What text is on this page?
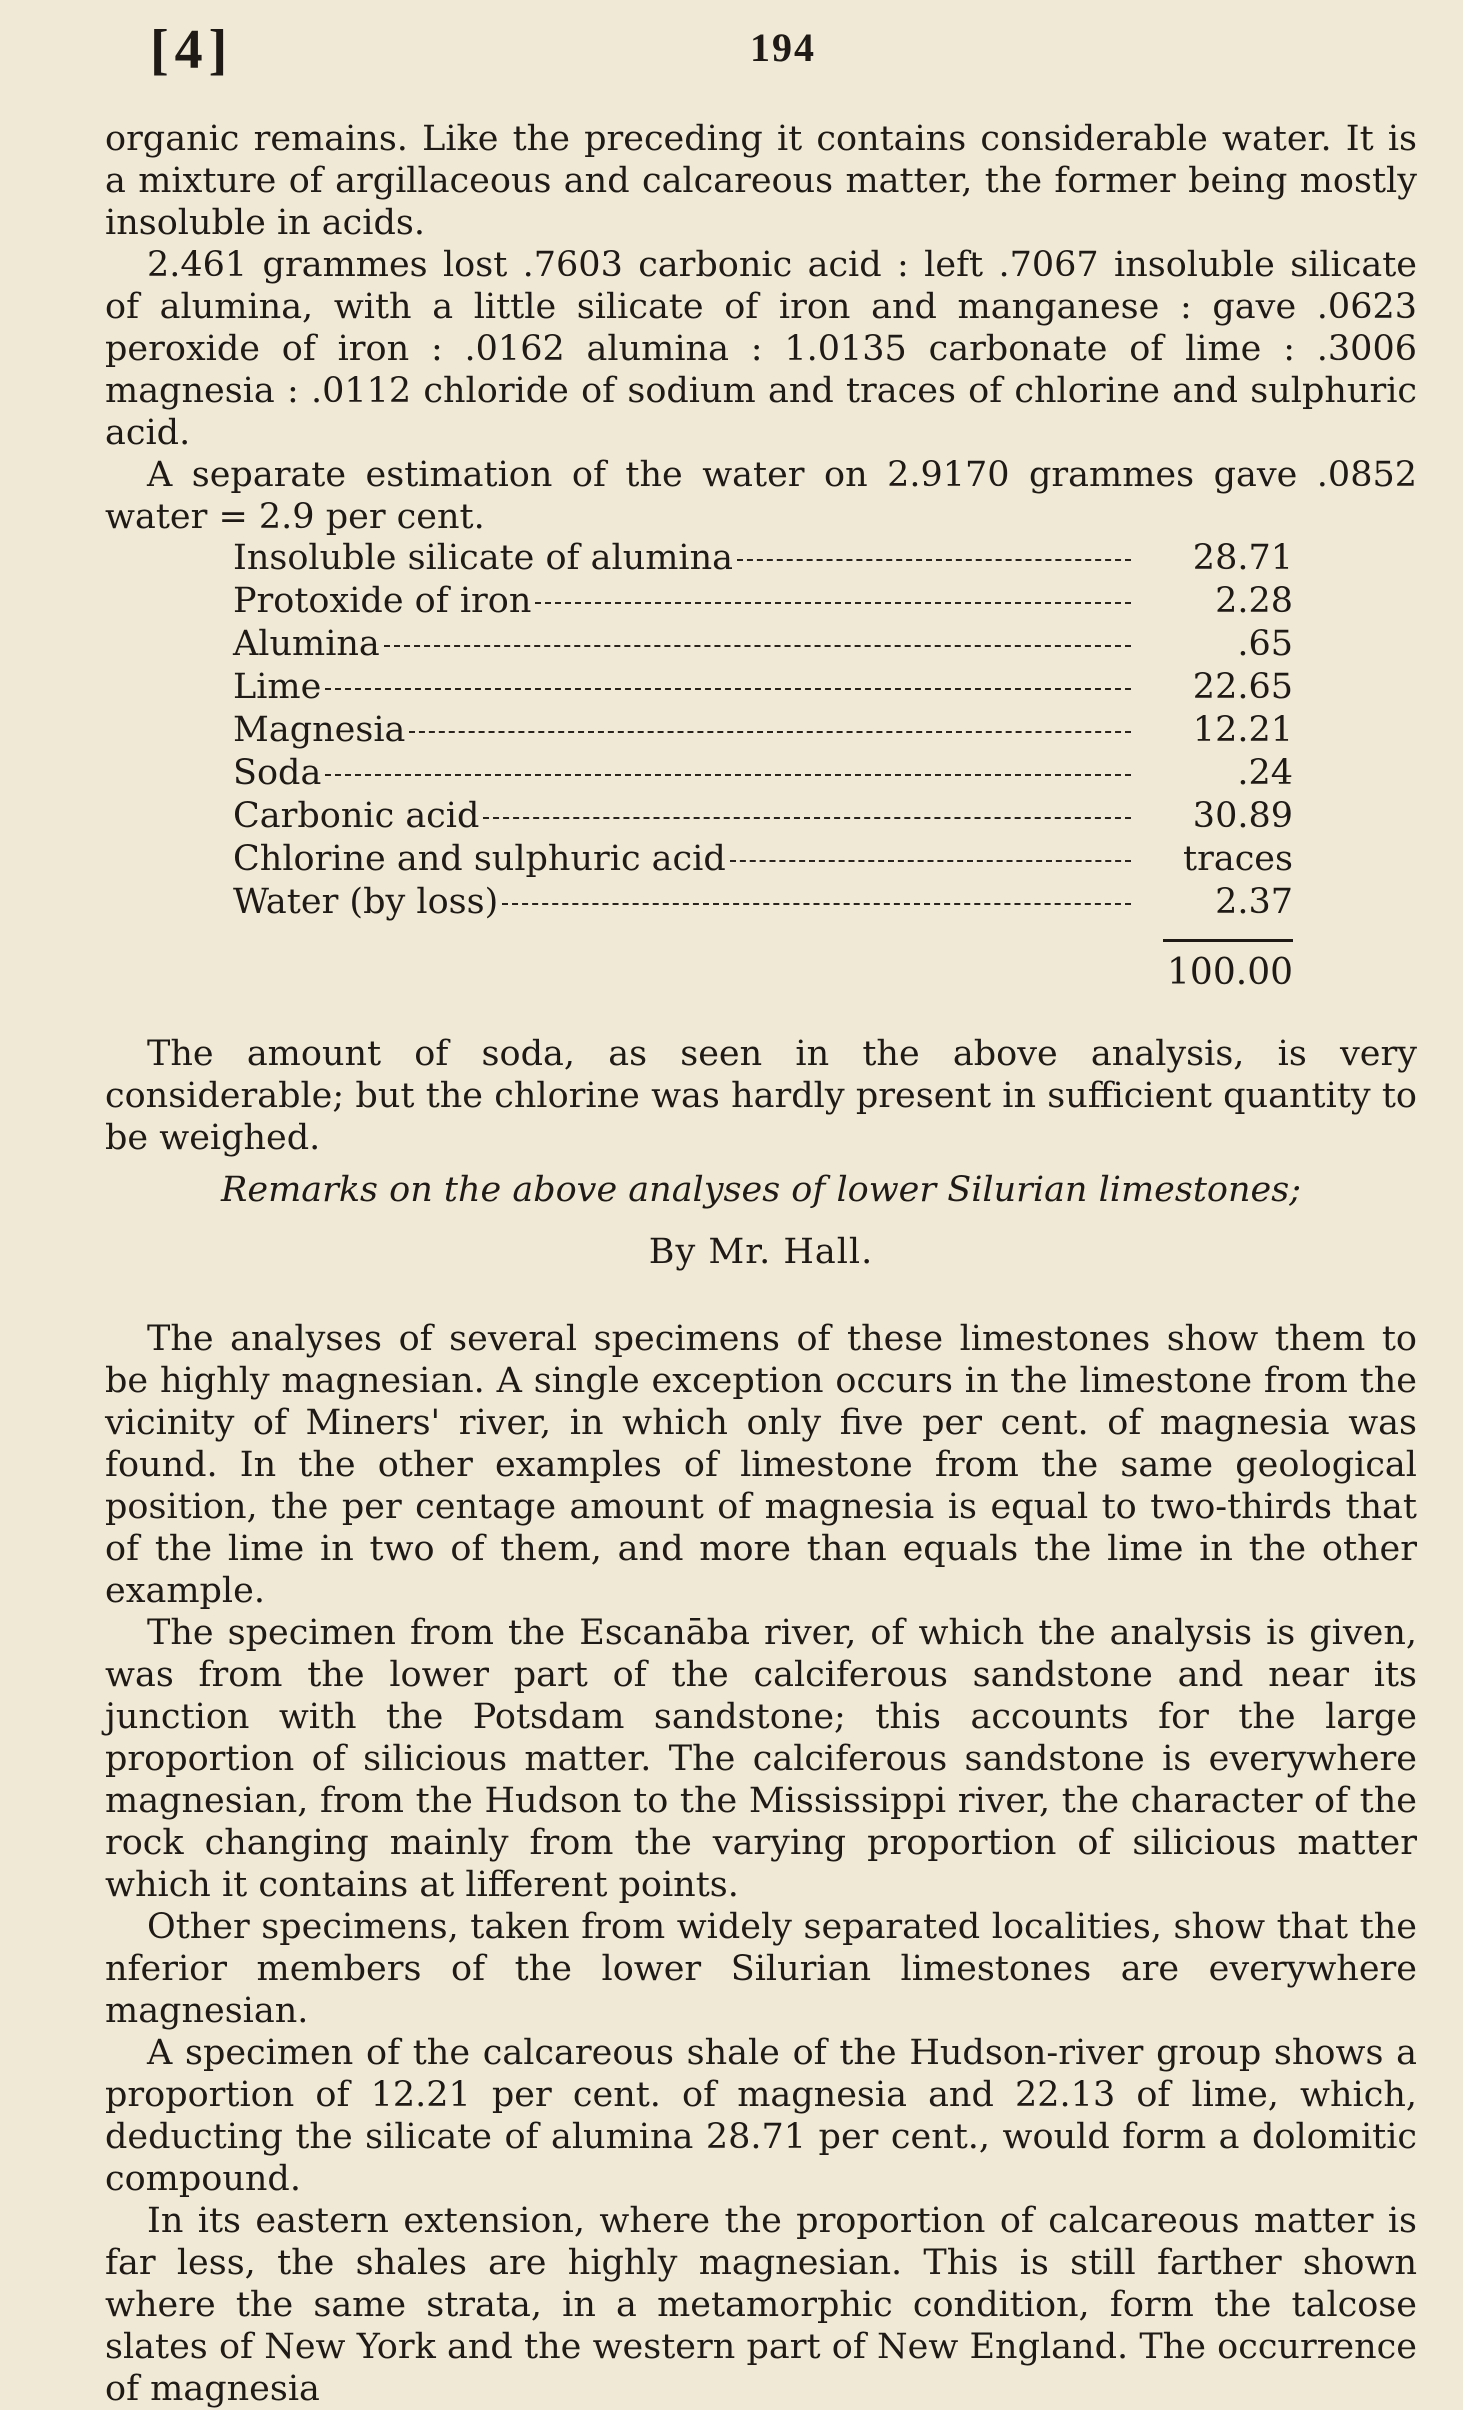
[4]	194

organic remains. Like the preceding it contains considerable water. It is a mixture of argillaceous and calcareous matter, the former being mostly insoluble in acids.

2.461 grammes lost .7603 carbonic acid : left .7067 insoluble silicate of alumina, with a little silicate of iron and manganese : gave .0623 peroxide of iron : .0162 alumina : 1.0135 carbonate of lime : .3006 magnesia : .0112 chloride of sodium and traces of chlorine and sulphuric acid.

A separate estimation of the water on 2.9170 grammes gave .0852 water = 2.9 per cent.

Insoluble silicate of alumina	28.71
Protoxide of iron	2.28
Alumina	.65
Lime	22.65
Magnesia	12.21
Soda	.24
Carbonic acid	30.89
Chlorine and sulphuric acid	traces
Water (by loss)	2.37
100.00

The amount of soda, as seen in the above analysis, is very considerable; but the chlorine was hardly present in sufficient quantity to be weighed.

Remarks on the above analyses of lower Silurian limestones;
By Mr. Hall.

The analyses of several specimens of these limestones show them to be highly magnesian. A single exception occurs in the limestone from the vicinity of Miners' river, in which only five per cent. of magnesia was found. In the other examples of limestone from the same geological position, the per centage amount of magnesia is equal to two-thirds that of the lime in two of them, and more than equals the lime in the other example.

The specimen from the Escanāba river, of which the analysis is given, was from the lower part of the calciferous sandstone and near its junction with the Potsdam sandstone; this accounts for the large proportion of silicious matter. The calciferous sandstone is everywhere magnesian, from the Hudson to the Mississippi river, the character of the rock changing mainly from the varying proportion of silicious matter which it contains at lifferent points.

Other specimens, taken from widely separated localities, show that the nferior members of the lower Silurian limestones are everywhere magnesian.

A specimen of the calcareous shale of the Hudson-river group shows a proportion of 12.21 per cent. of magnesia and 22.13 of lime, which, deducting the silicate of alumina 28.71 per cent., would form a dolomitic compound.

In its eastern extension, where the proportion of calcareous matter is far less, the shales are highly magnesian. This is still farther shown where the same strata, in a metamorphic condition, form the talcose slates of New York and the western part of New England. The occurrence of magnesia
